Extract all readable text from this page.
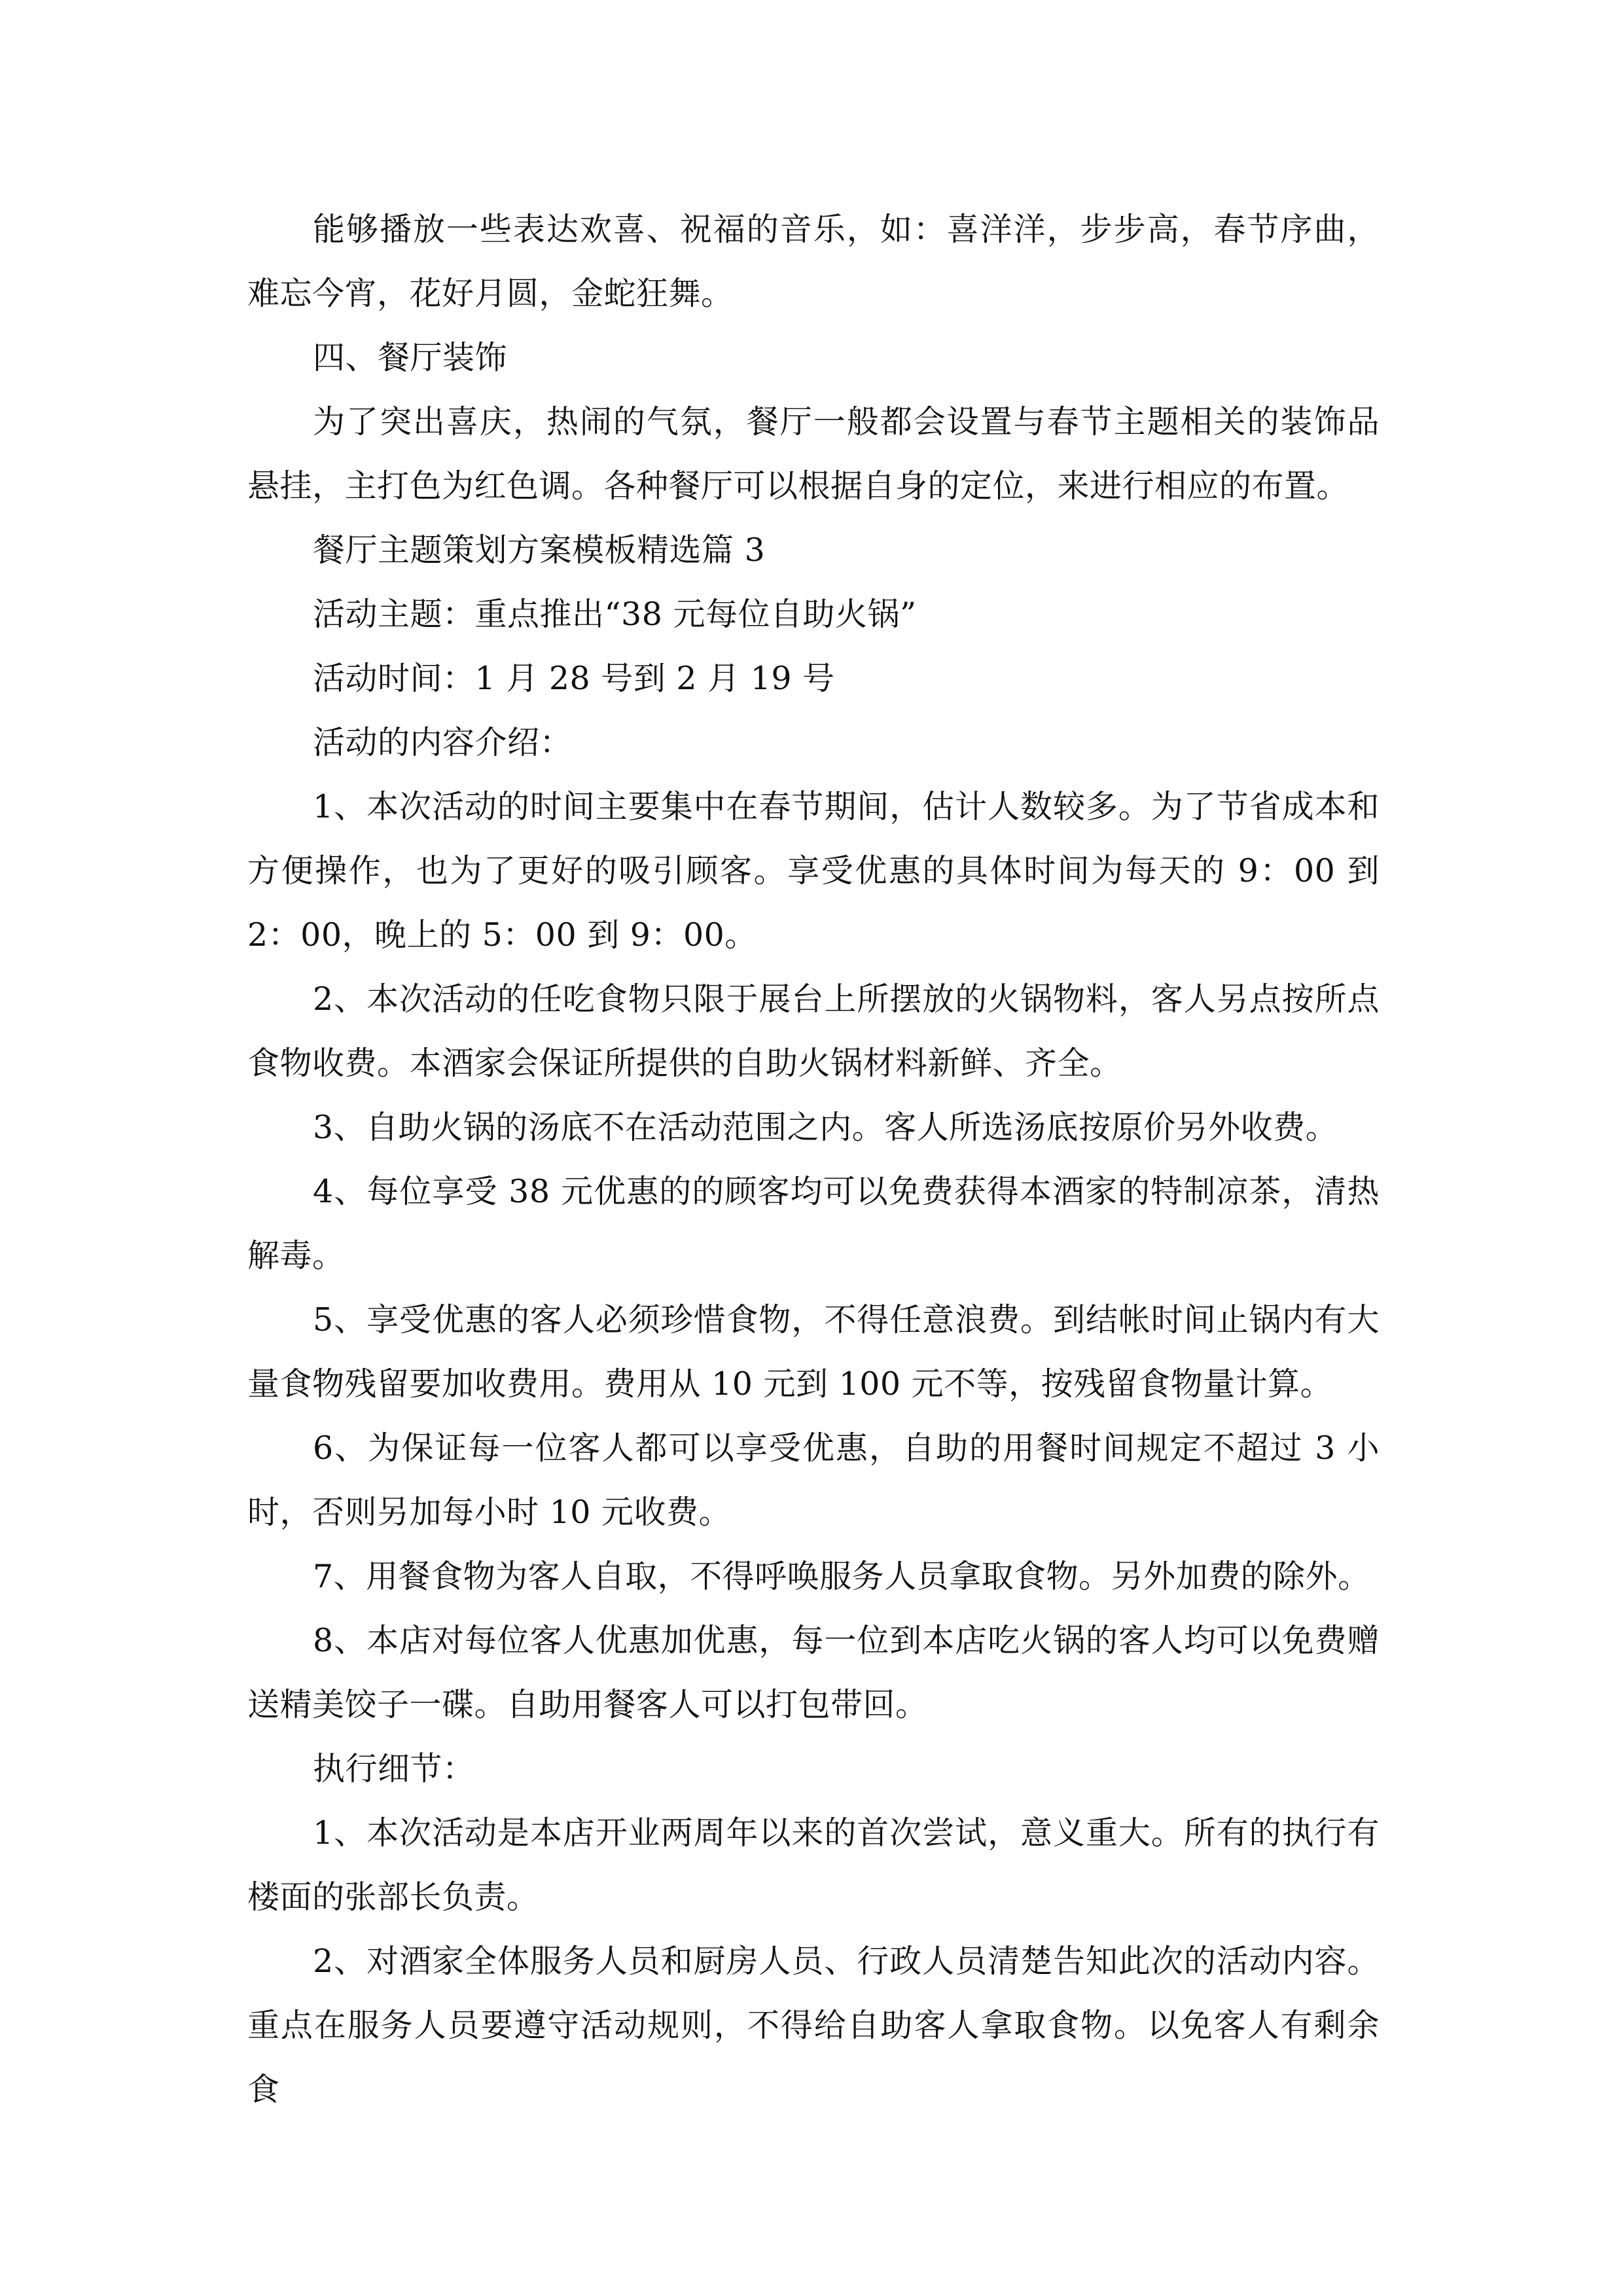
能够播放一些表达欢喜、祝福的音乐，如：喜洋洋，步步高，春节序曲，难忘今宵，花好月圆，金蛇狂舞。

四、餐厅装饰

为了突出喜庆，热闹的气氛，餐厅一般都会设置与春节主题相关的装饰品悬挂，主打色为红色调。各种餐厅可以根据自身的定位，来进行相应的布置。

餐厅主题策划方案模板精选篇 3

活动主题：重点推出“38 元每位自助火锅”

活动时间：1 月 28 号到 2 月 19 号

活动的内容介绍：

1、本次活动的时间主要集中在春节期间，估计人数较多。为了节省成本和方便操作，也为了更好的吸引顾客。享受优惠的具体时间为每天的 9：00 到 2：00，晚上的 5：00 到 9：00。

2、本次活动的任吃食物只限于展台上所摆放的火锅物料，客人另点按所点食物收费。本酒家会保证所提供的自助火锅材料新鲜、齐全。

3、自助火锅的汤底不在活动范围之内。客人所选汤底按原价另外收费。

4、每位享受 38 元优惠的的顾客均可以免费获得本酒家的特制凉茶，清热解毒。

5、享受优惠的客人必须珍惜食物，不得任意浪费。到结帐时间止锅内有大量食物残留要加收费用。费用从 10 元到 100 元不等，按残留食物量计算。

6、为保证每一位客人都可以享受优惠，自助的用餐时间规定不超过 3 小时，否则另加每小时 10 元收费。

7、用餐食物为客人自取，不得呼唤服务人员拿取食物。另外加费的除外。

8、本店对每位客人优惠加优惠，每一位到本店吃火锅的客人均可以免费赠送精美饺子一碟。自助用餐客人可以打包带回。

执行细节：

1、本次活动是本店开业两周年以来的首次尝试，意义重大。所有的执行有楼面的张部长负责。

2、对酒家全体服务人员和厨房人员、行政人员清楚告知此次的活动内容。重点在服务人员要遵守活动规则，不得给自助客人拿取食物。以免客人有剩余食
